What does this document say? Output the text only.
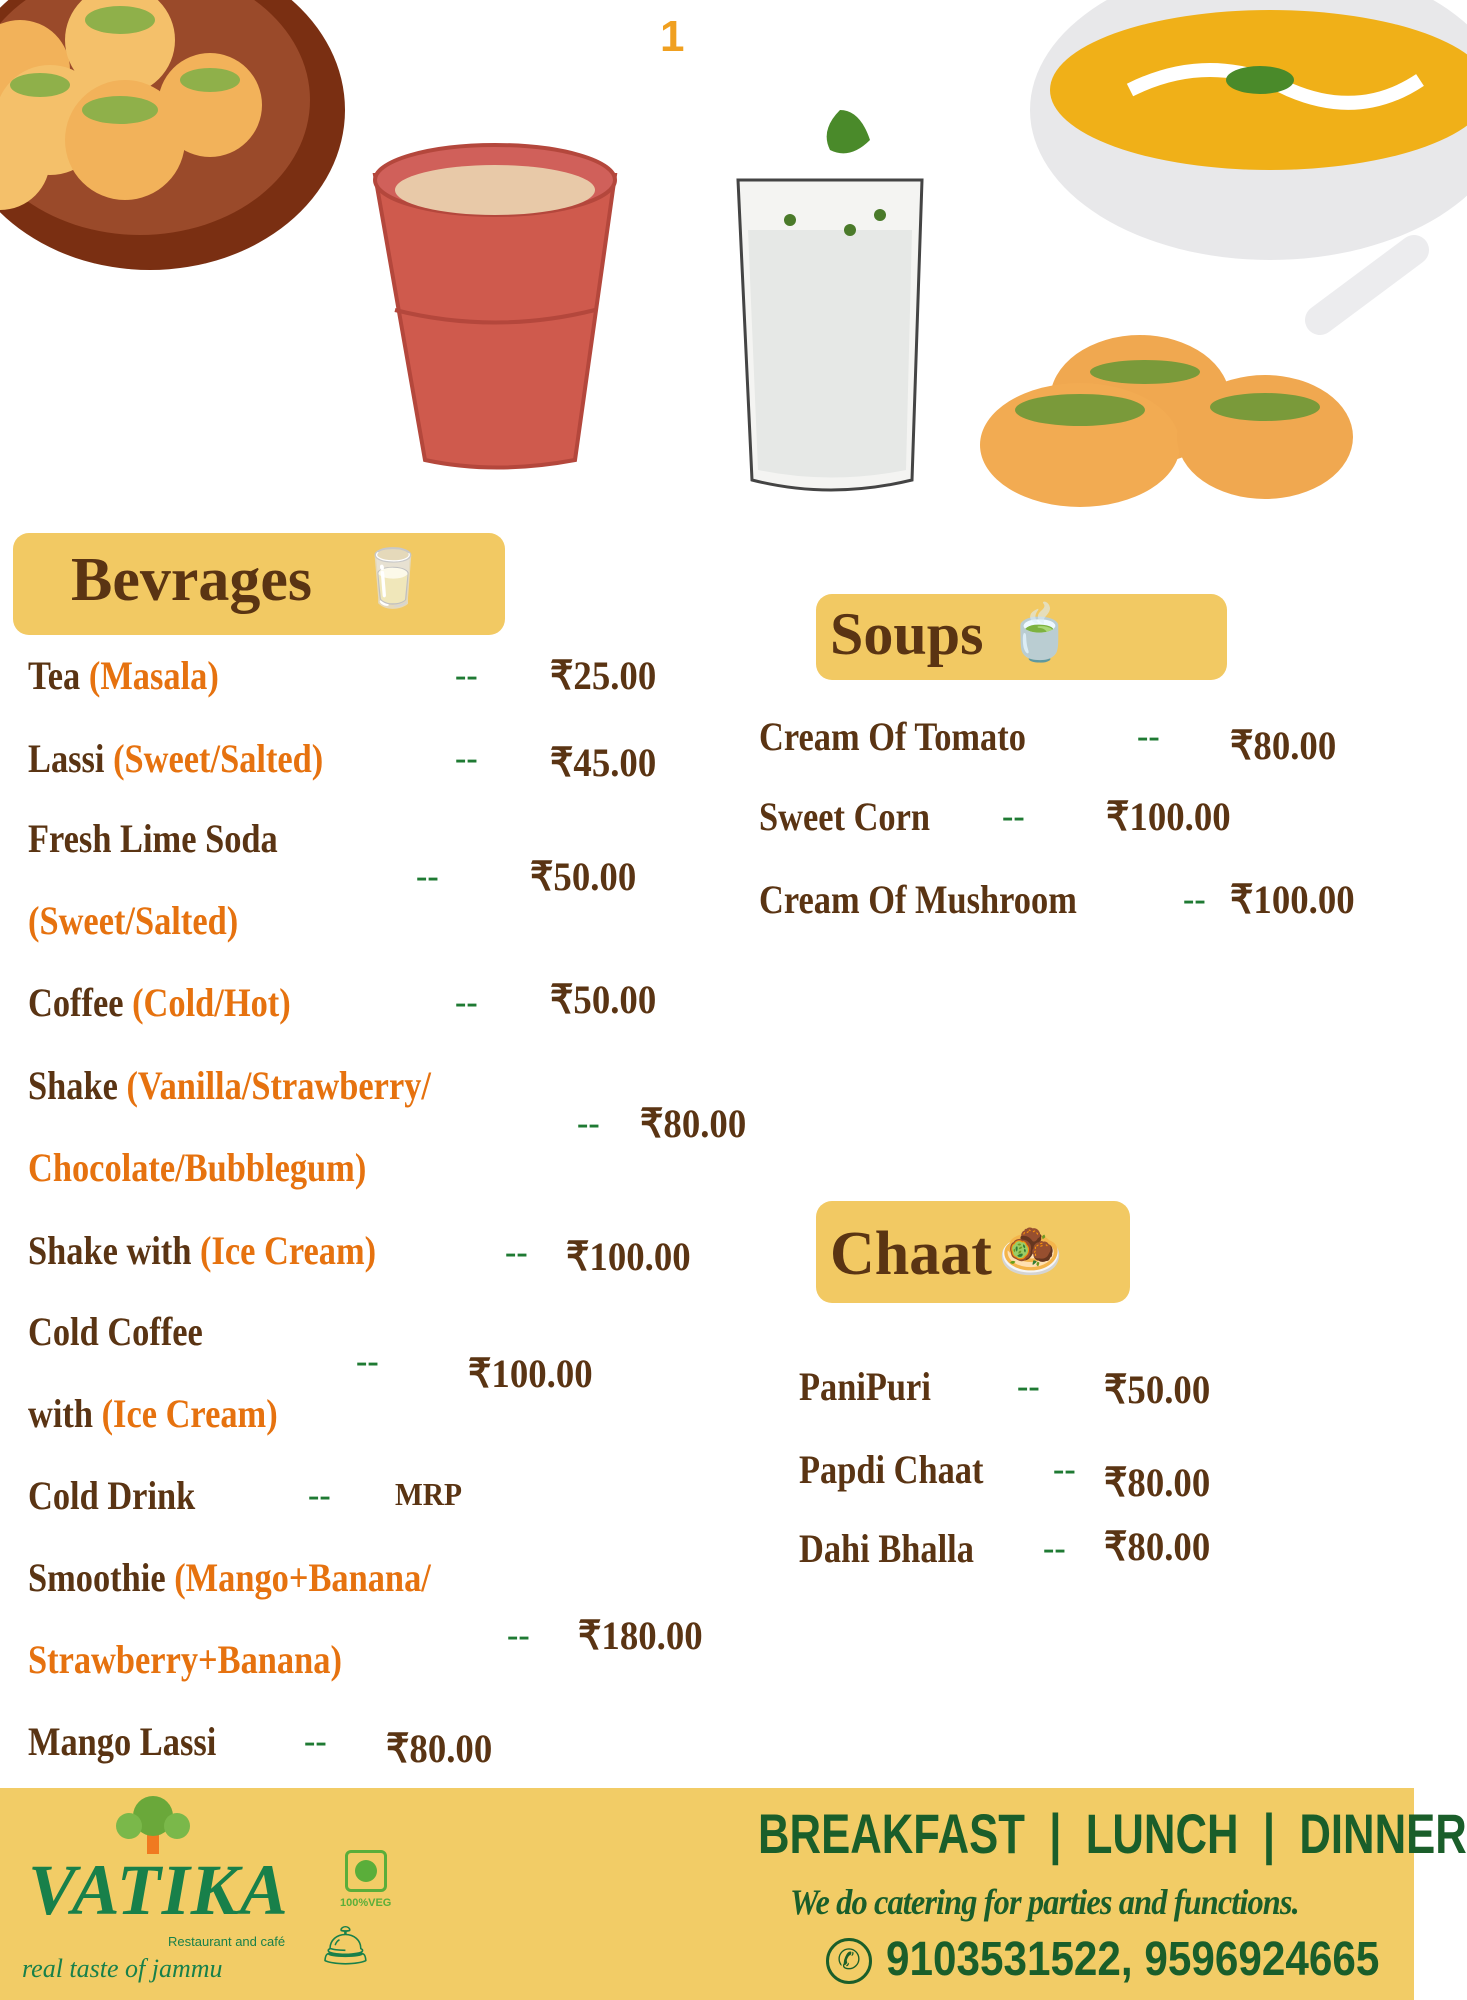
1
Bevrages 🥛
Tea (Masala)	-- ₹25.00
Lassi (Sweet/Salted)	-- ₹45.00
Fresh Lime Soda
(Sweet/Salted)
-- ₹50.00
Coffee (Cold/Hot)	-- ₹50.00
Shake (Vanilla/Strawberry/
Chocolate/Bubblegum)
-- ₹80.00
Shake with (Ice Cream)	-- ₹100.00
Cold Coffee
with (Ice Cream)
-- ₹100.00
Cold Drink	-- MRP
Smoothie (Mango+Banana/
Strawberry+Banana)
-- ₹180.00
Mango Lassi	-- ₹80.00
Soups 🍵
Cream Of Tomato	-- ₹80.00
Sweet Corn -- ₹100.00
Cream Of Mushroom	-- ₹100.00
Chaat 🧆
PaniPuri	-- ₹50.00
Papdi Chaat -- ₹80.00
Dahi Bhalla -- ₹80.00
VATIKA	100%VEG
Restaurant and café
real taste of jammu
🛎
BREAKFAST  |  LUNCH  |  DINNER
We do catering for parties and functions.
✆ 9103531522, 9596924665
